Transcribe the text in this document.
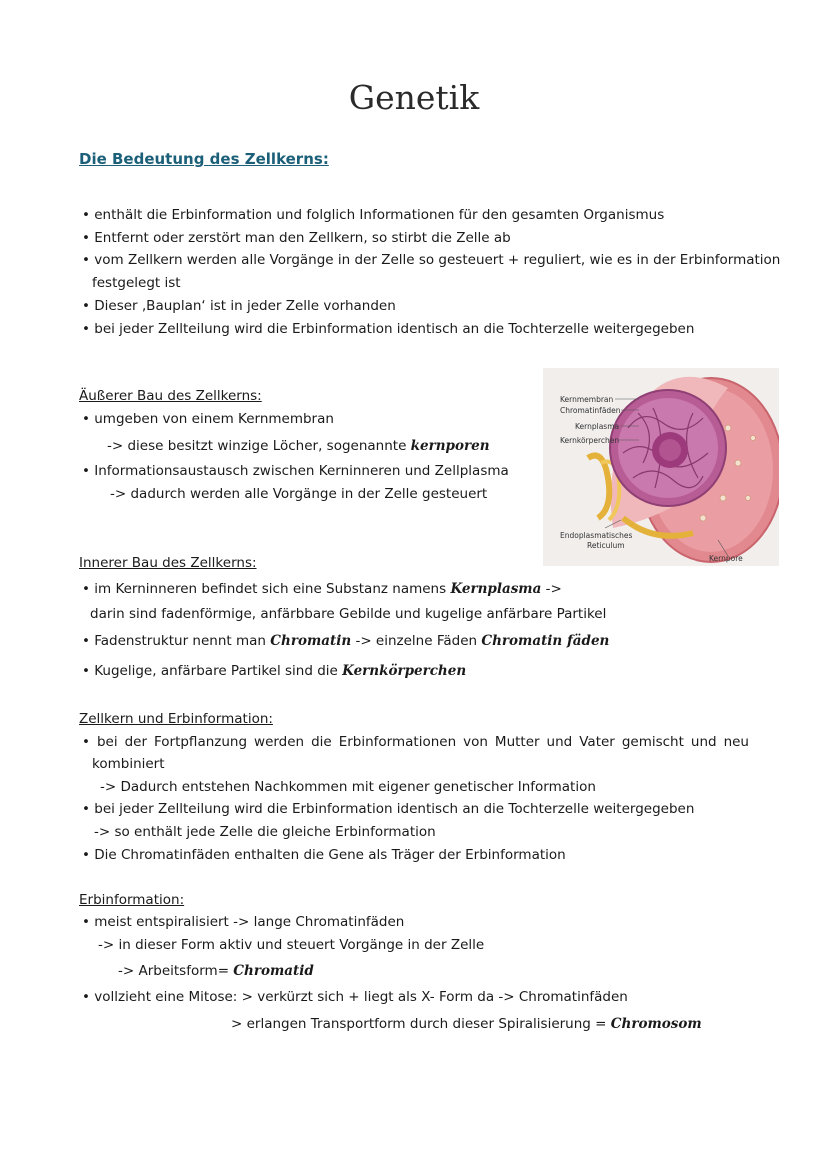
Genetik
Die Bedeutung des Zellkerns:
• enthält die Erbinformation und folglich Informationen für den gesamten Organismus
• Entfernt oder zerstört man den Zellkern, so stirbt die Zelle ab
• vom Zellkern werden alle Vorgänge in der Zelle so gesteuert + reguliert, wie es in der Erbinformation
festgelegt ist
• Dieser ‚Bauplan‘ ist in jeder Zelle vorhanden
• bei jeder Zellteilung wird die Erbinformation identisch an die Tochterzelle weitergegeben
Äußerer Bau des Zellkerns:
• umgeben von einem Kernmembran
-> diese besitzt winzige Löcher, sogenannte kernporen
• Informationsaustausch zwischen Kerninneren und Zellplasma
-> dadurch werden alle Vorgänge in der Zelle gesteuert
Kernmembran
Chromatinfäden
Kernplasma
Kernkörperchen
Endoplasmatisches
Reticulum
Kernpore
Innerer Bau des Zellkerns:
• im Kerninneren befindet sich eine Substanz namens Kernplasma ->
darin sind fadenförmige, anfärbbare Gebilde und kugelige anfärbare Partikel
• Fadenstruktur nennt man Chromatin -> einzelne Fäden Chromatin fäden
• Kugelige, anfärbare Partikel sind die Kernkörperchen
Zellkern und Erbinformation:
• bei der Fortpflanzung werden die Erbinformationen von Mutter und Vater gemischt und neu
kombiniert
-> Dadurch entstehen Nachkommen mit eigener genetischer Information
• bei jeder Zellteilung wird die Erbinformation identisch an die Tochterzelle weitergegeben
-> so enthält jede Zelle die gleiche Erbinformation
• Die Chromatinfäden enthalten die Gene als Träger der Erbinformation
Erbinformation:
• meist entspiralisiert -> lange Chromatinfäden
-> in dieser Form aktiv und steuert Vorgänge in der Zelle
-> Arbeitsform= Chromatid
• vollzieht eine Mitose: > verkürzt sich + liegt als X- Form da -> Chromatinfäden
> erlangen Transportform durch dieser Spiralisierung = Chromosom
